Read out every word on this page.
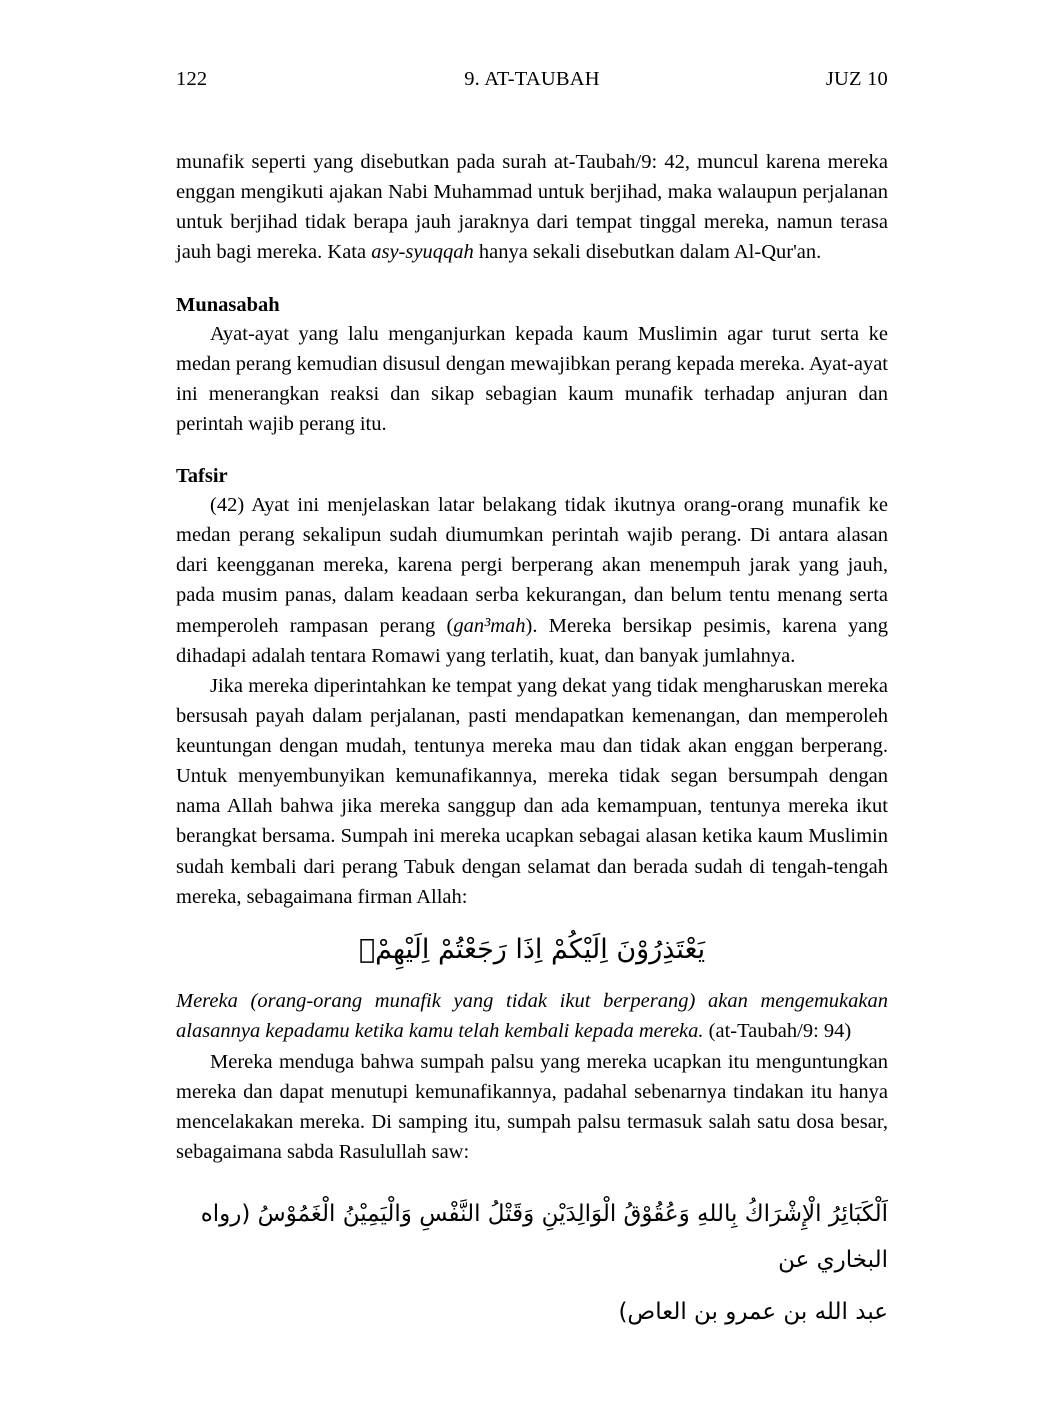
122	9. AT-TAUBAH	JUZ 10

munafik seperti yang disebutkan pada surah at-Taubah/9: 42, muncul karena mereka enggan mengikuti ajakan Nabi Muhammad untuk berjihad, maka walaupun perjalanan untuk berjihad tidak berapa jauh jaraknya dari tempat tinggal mereka, namun terasa jauh bagi mereka. Kata asy-syuqqah hanya sekali disebutkan dalam Al-Qur'an.

Munasabah

Ayat-ayat yang lalu menganjurkan kepada kaum Muslimin agar turut serta ke medan perang kemudian disusul dengan mewajibkan perang kepada mereka. Ayat-ayat ini menerangkan reaksi dan sikap sebagian kaum munafik terhadap anjuran dan perintah wajib perang itu.

Tafsir

(42) Ayat ini menjelaskan latar belakang tidak ikutnya orang-orang munafik ke medan perang sekalipun sudah diumumkan perintah wajib perang. Di antara alasan dari keengganan mereka, karena pergi berperang akan menempuh jarak yang jauh, pada musim panas, dalam keadaan serba kekurangan, dan belum tentu menang serta memperoleh rampasan perang (gan³mah). Mereka bersikap pesimis, karena yang dihadapi adalah tentara Romawi yang terlatih, kuat, dan banyak jumlahnya.

Jika mereka diperintahkan ke tempat yang dekat yang tidak mengharuskan mereka bersusah payah dalam perjalanan, pasti mendapatkan kemenangan, dan memperoleh keuntungan dengan mudah, tentunya mereka mau dan tidak akan enggan berperang. Untuk menyembunyikan kemunafikannya, mereka tidak segan bersumpah dengan nama Allah bahwa jika mereka sanggup dan ada kemampuan, tentunya mereka ikut berangkat bersama. Sumpah ini mereka ucapkan sebagai alasan ketika kaum Muslimin sudah kembali dari perang Tabuk dengan selamat dan berada sudah di tengah-tengah mereka, sebagaimana firman Allah:

يَعْتَذِرُوْنَ اِلَيْكُمْ اِذَا رَجَعْتُمْ اِلَيْهِمْۗ

Mereka (orang-orang munafik yang tidak ikut berperang) akan mengemukakan alasannya kepadamu ketika kamu telah kembali kepada mereka. (at-Taubah/9: 94)

Mereka menduga bahwa sumpah palsu yang mereka ucapkan itu menguntungkan mereka dan dapat menutupi kemunafikannya, padahal sebenarnya tindakan itu hanya mencelakakan mereka. Di samping itu, sumpah palsu termasuk salah satu dosa besar, sebagaimana sabda Rasulullah saw:

اَلْكَبَائِرُ الْإِشْرَاكُ بِاللهِ وَعُقُوْقُ الْوَالِدَيْنِ وَقَتْلُ النَّفْسِ وَالْيَمِيْنُ الْغَمُوْسُ (رواه البخاري عن
عبد الله بن عمرو بن العاص)
